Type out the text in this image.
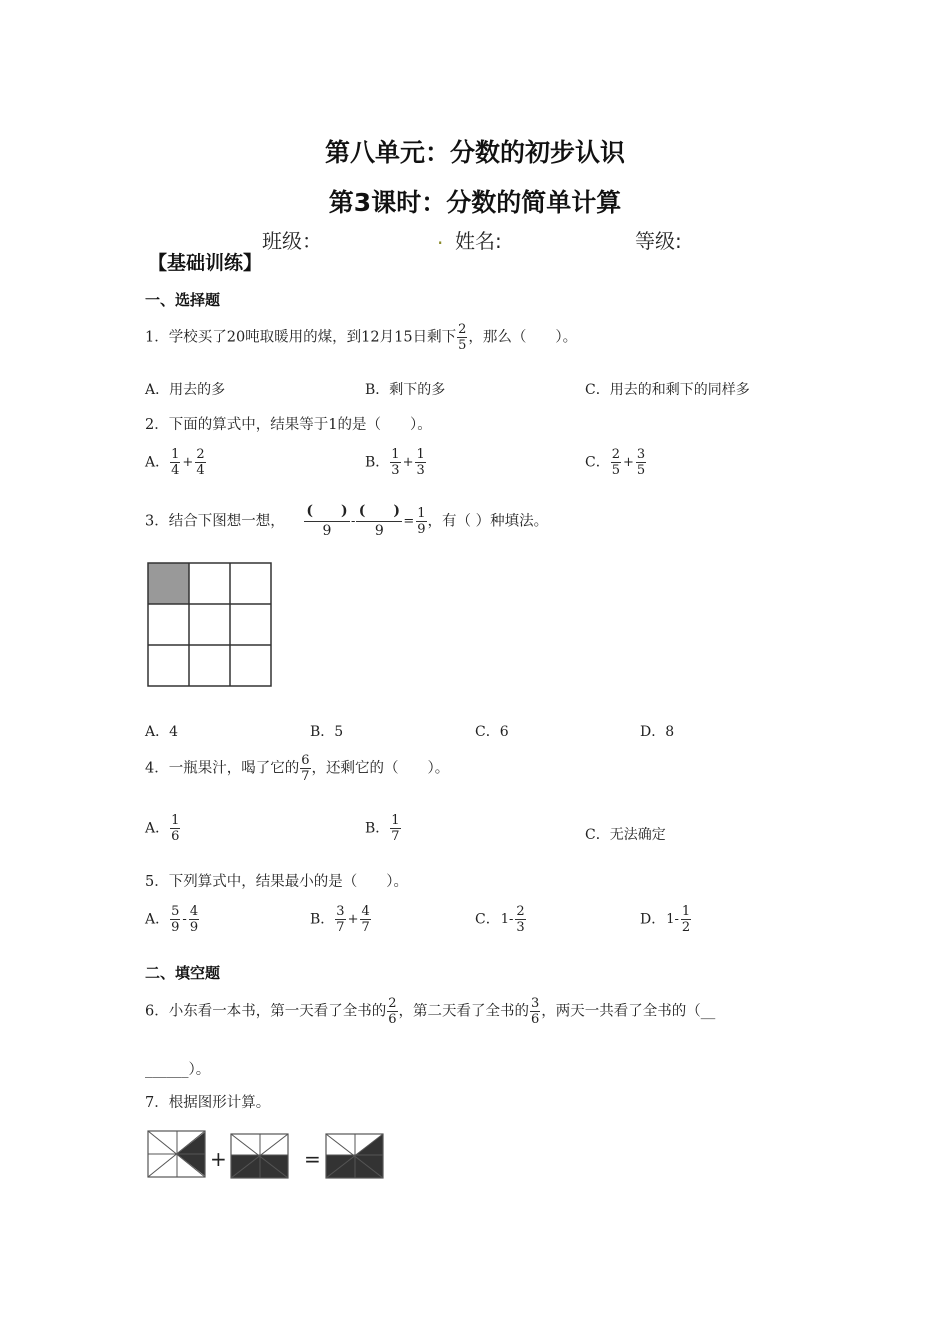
第八单元：分数的初步认识
第3课时：分数的简单计算
班级：	. 姓名:	等级:
【基础训练】
一、选择题
1．学校买了20吨取暖用的煤，到12月15日剩下 $\frac{2}{5}$ ，那么（　　）。
A．用去的多	B．剩下的多	C．用去的和剩下的同样多
2．下面的算式中，结果等于1的是（　　）。
A． $\frac{1}{4} + \frac{2}{4}$	B． $\frac{1}{3} + \frac{1}{3}$	C． $\frac{2}{5} + \frac{3}{5}$
3．结合下图想一想， $\frac{( )}{9} - \frac{( )}{9} = \frac{1}{9}$ ，有（ ）种填法。
A．4	B．5	C．6	D．8
4．一瓶果汁，喝了它的 $\frac{6}{7}$ ，还剩它的（　　）。
A． $\frac{1}{6}$	B． $\frac{1}{7}$	C．无法确定
5．下列算式中，结果最小的是（　　）。
A． $\frac{5}{9} - \frac{4}{9}$	B． $\frac{3}{7} + \frac{4}{7}$	C．$1- \frac{2}{3}$	D．$1- \frac{1}{2}$
二、填空题
6．小东看一本书，第一天看了全书的 $\frac{2}{6}$ ，第二天看了全书的 $\frac{3}{6}$ ，两天一共看了全书的（__
______）。
7．根据图形计算。
+	=
